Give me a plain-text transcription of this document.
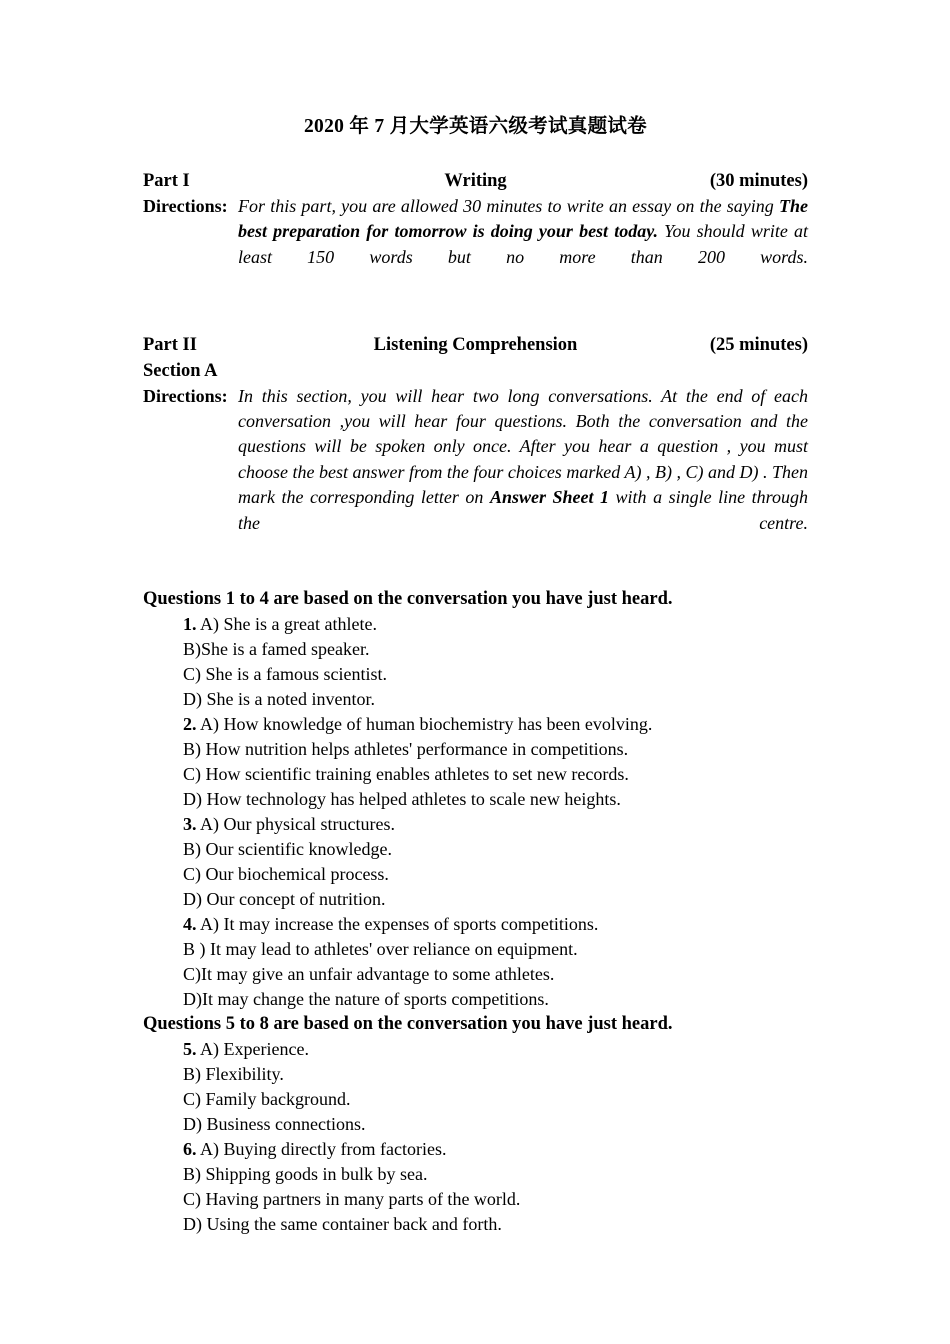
2020 年 7 月大学英语六级考试真题试卷
Part I	Writing	(30 minutes)
Directions: For this part, you are allowed 30 minutes to write an essay on the saying The best preparation for tomorrow is doing your best today. You should write at least 150 words but no more than 200 words.
Part II	Listening Comprehension	(25 minutes)
Section A
Directions: In this section, you will hear two long conversations. At the end of each conversation ,you will hear four questions. Both the conversation and the questions will be spoken only once. After you hear a question , you must choose the best answer from the four choices marked A) , B) , C) and D) . Then mark the corresponding letter on Answer Sheet 1 with a single line through the centre.
Questions 1 to 4 are based on the conversation you have just heard.
1. A) She is a great athlete.
B)She is a famed speaker.
C) She is a famous scientist.
D) She is a noted inventor.
2. A) How knowledge of human biochemistry has been evolving.
B) How nutrition helps athletes' performance in competitions.
C) How scientific training enables athletes to set new records.
D) How technology has helped athletes to scale new heights.
3. A) Our physical structures.
B) Our scientific knowledge.
C) Our biochemical process.
D) Our concept of nutrition.
4. A) It may increase the expenses of sports competitions.
B ) It may lead to athletes' over reliance on equipment.
C)It may give an unfair advantage to some athletes.
D)It may change the nature of sports competitions.
Questions 5 to 8 are based on the conversation you have just heard.
5. A) Experience.
B) Flexibility.
C) Family background.
D) Business connections.
6. A) Buying directly from factories.
B) Shipping goods in bulk by sea.
C) Having partners in many parts of the world.
D) Using the same container back and forth.
